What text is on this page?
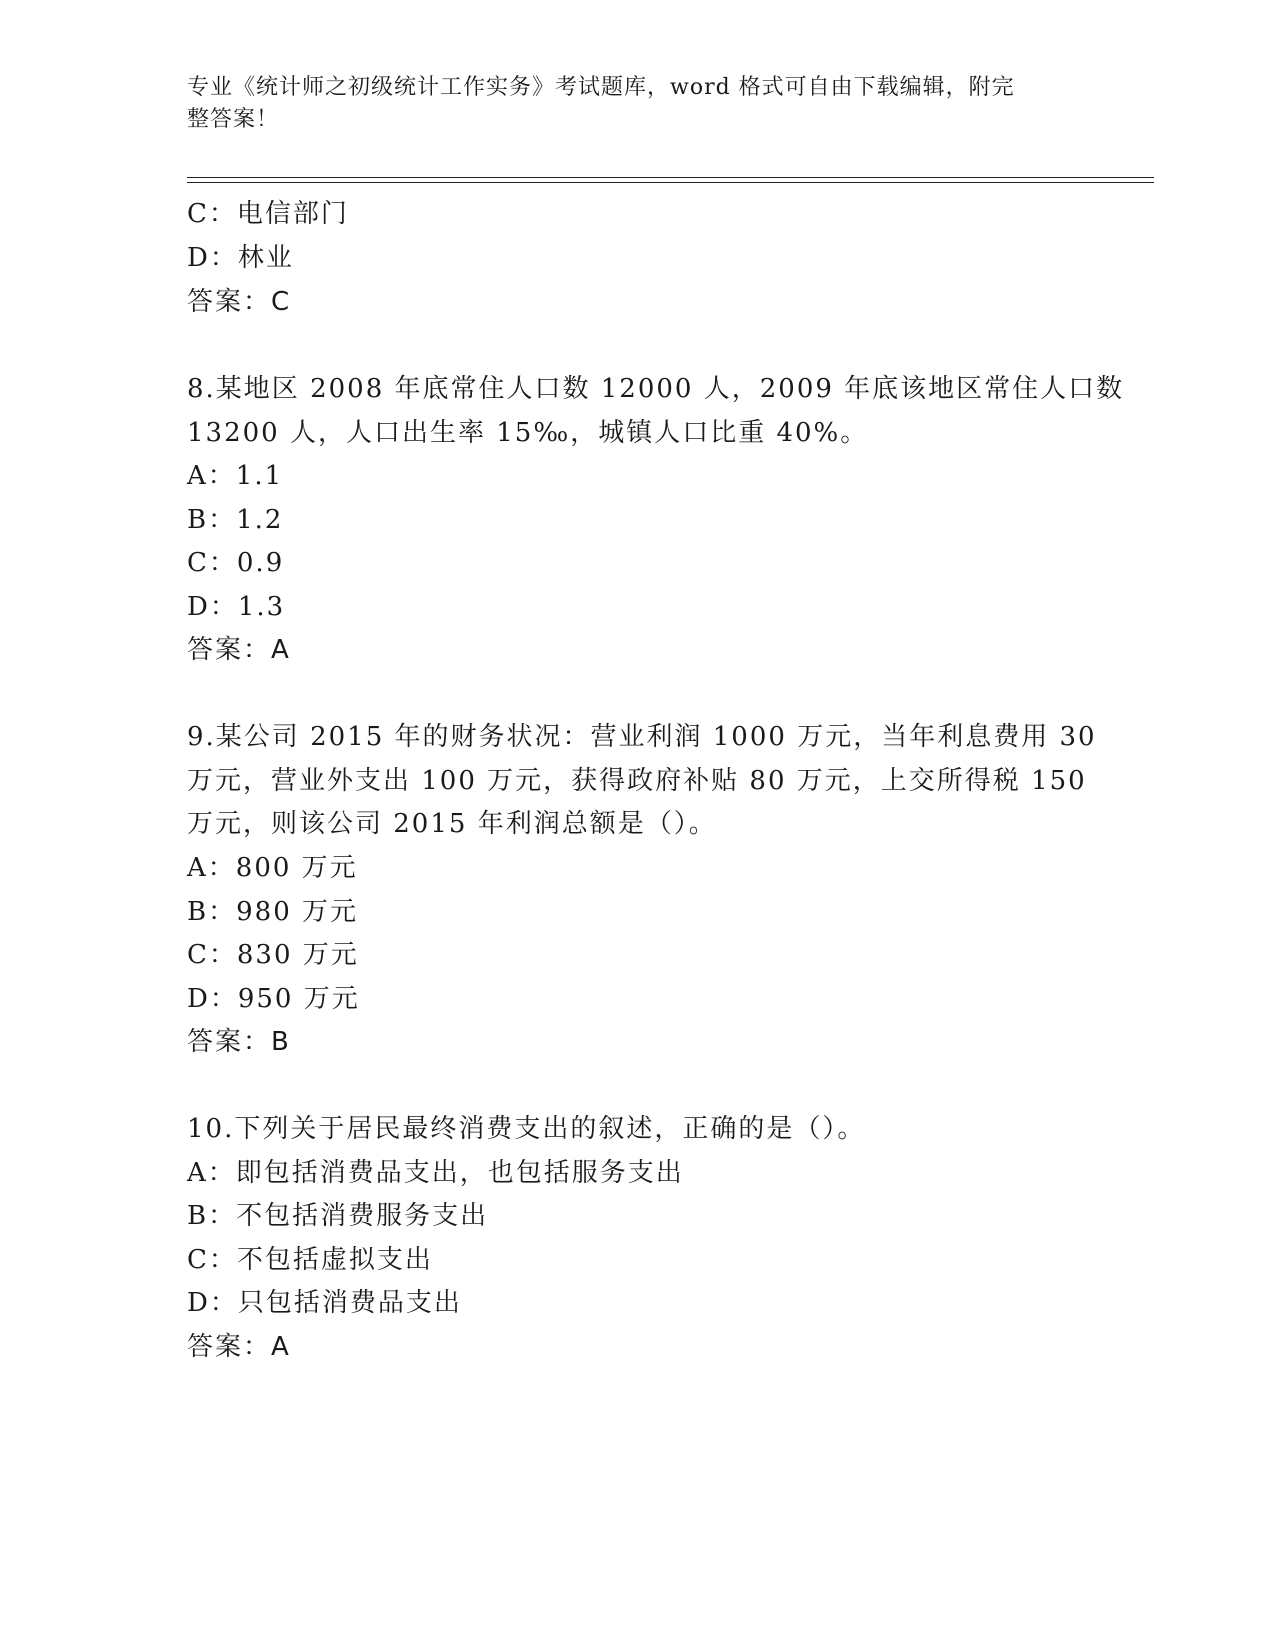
专业《统计师之初级统计工作实务》考试题库，word 格式可自由下载编辑，附完
整答案！
C：电信部门
D：林业
答案：C
8.某地区 2008 年底常住人口数 12000 人，2009 年底该地区常住人口数
13200 人，人口出生率 15‰，城镇人口比重 40%。
A：1.1
B：1.2
C：0.9
D：1.3
答案：A
9.某公司 2015 年的财务状况：营业利润 1000 万元，当年利息费用 30
万元，营业外支出 100 万元，获得政府补贴 80 万元，上交所得税 150
万元，则该公司 2015 年利润总额是（）。
A：800 万元
B：980 万元
C：830 万元
D：950 万元
答案：B
10.下列关于居民最终消费支出的叙述，正确的是（）。
A：即包括消费品支出，也包括服务支出
B：不包括消费服务支出
C：不包括虚拟支出
D：只包括消费品支出
答案：A
